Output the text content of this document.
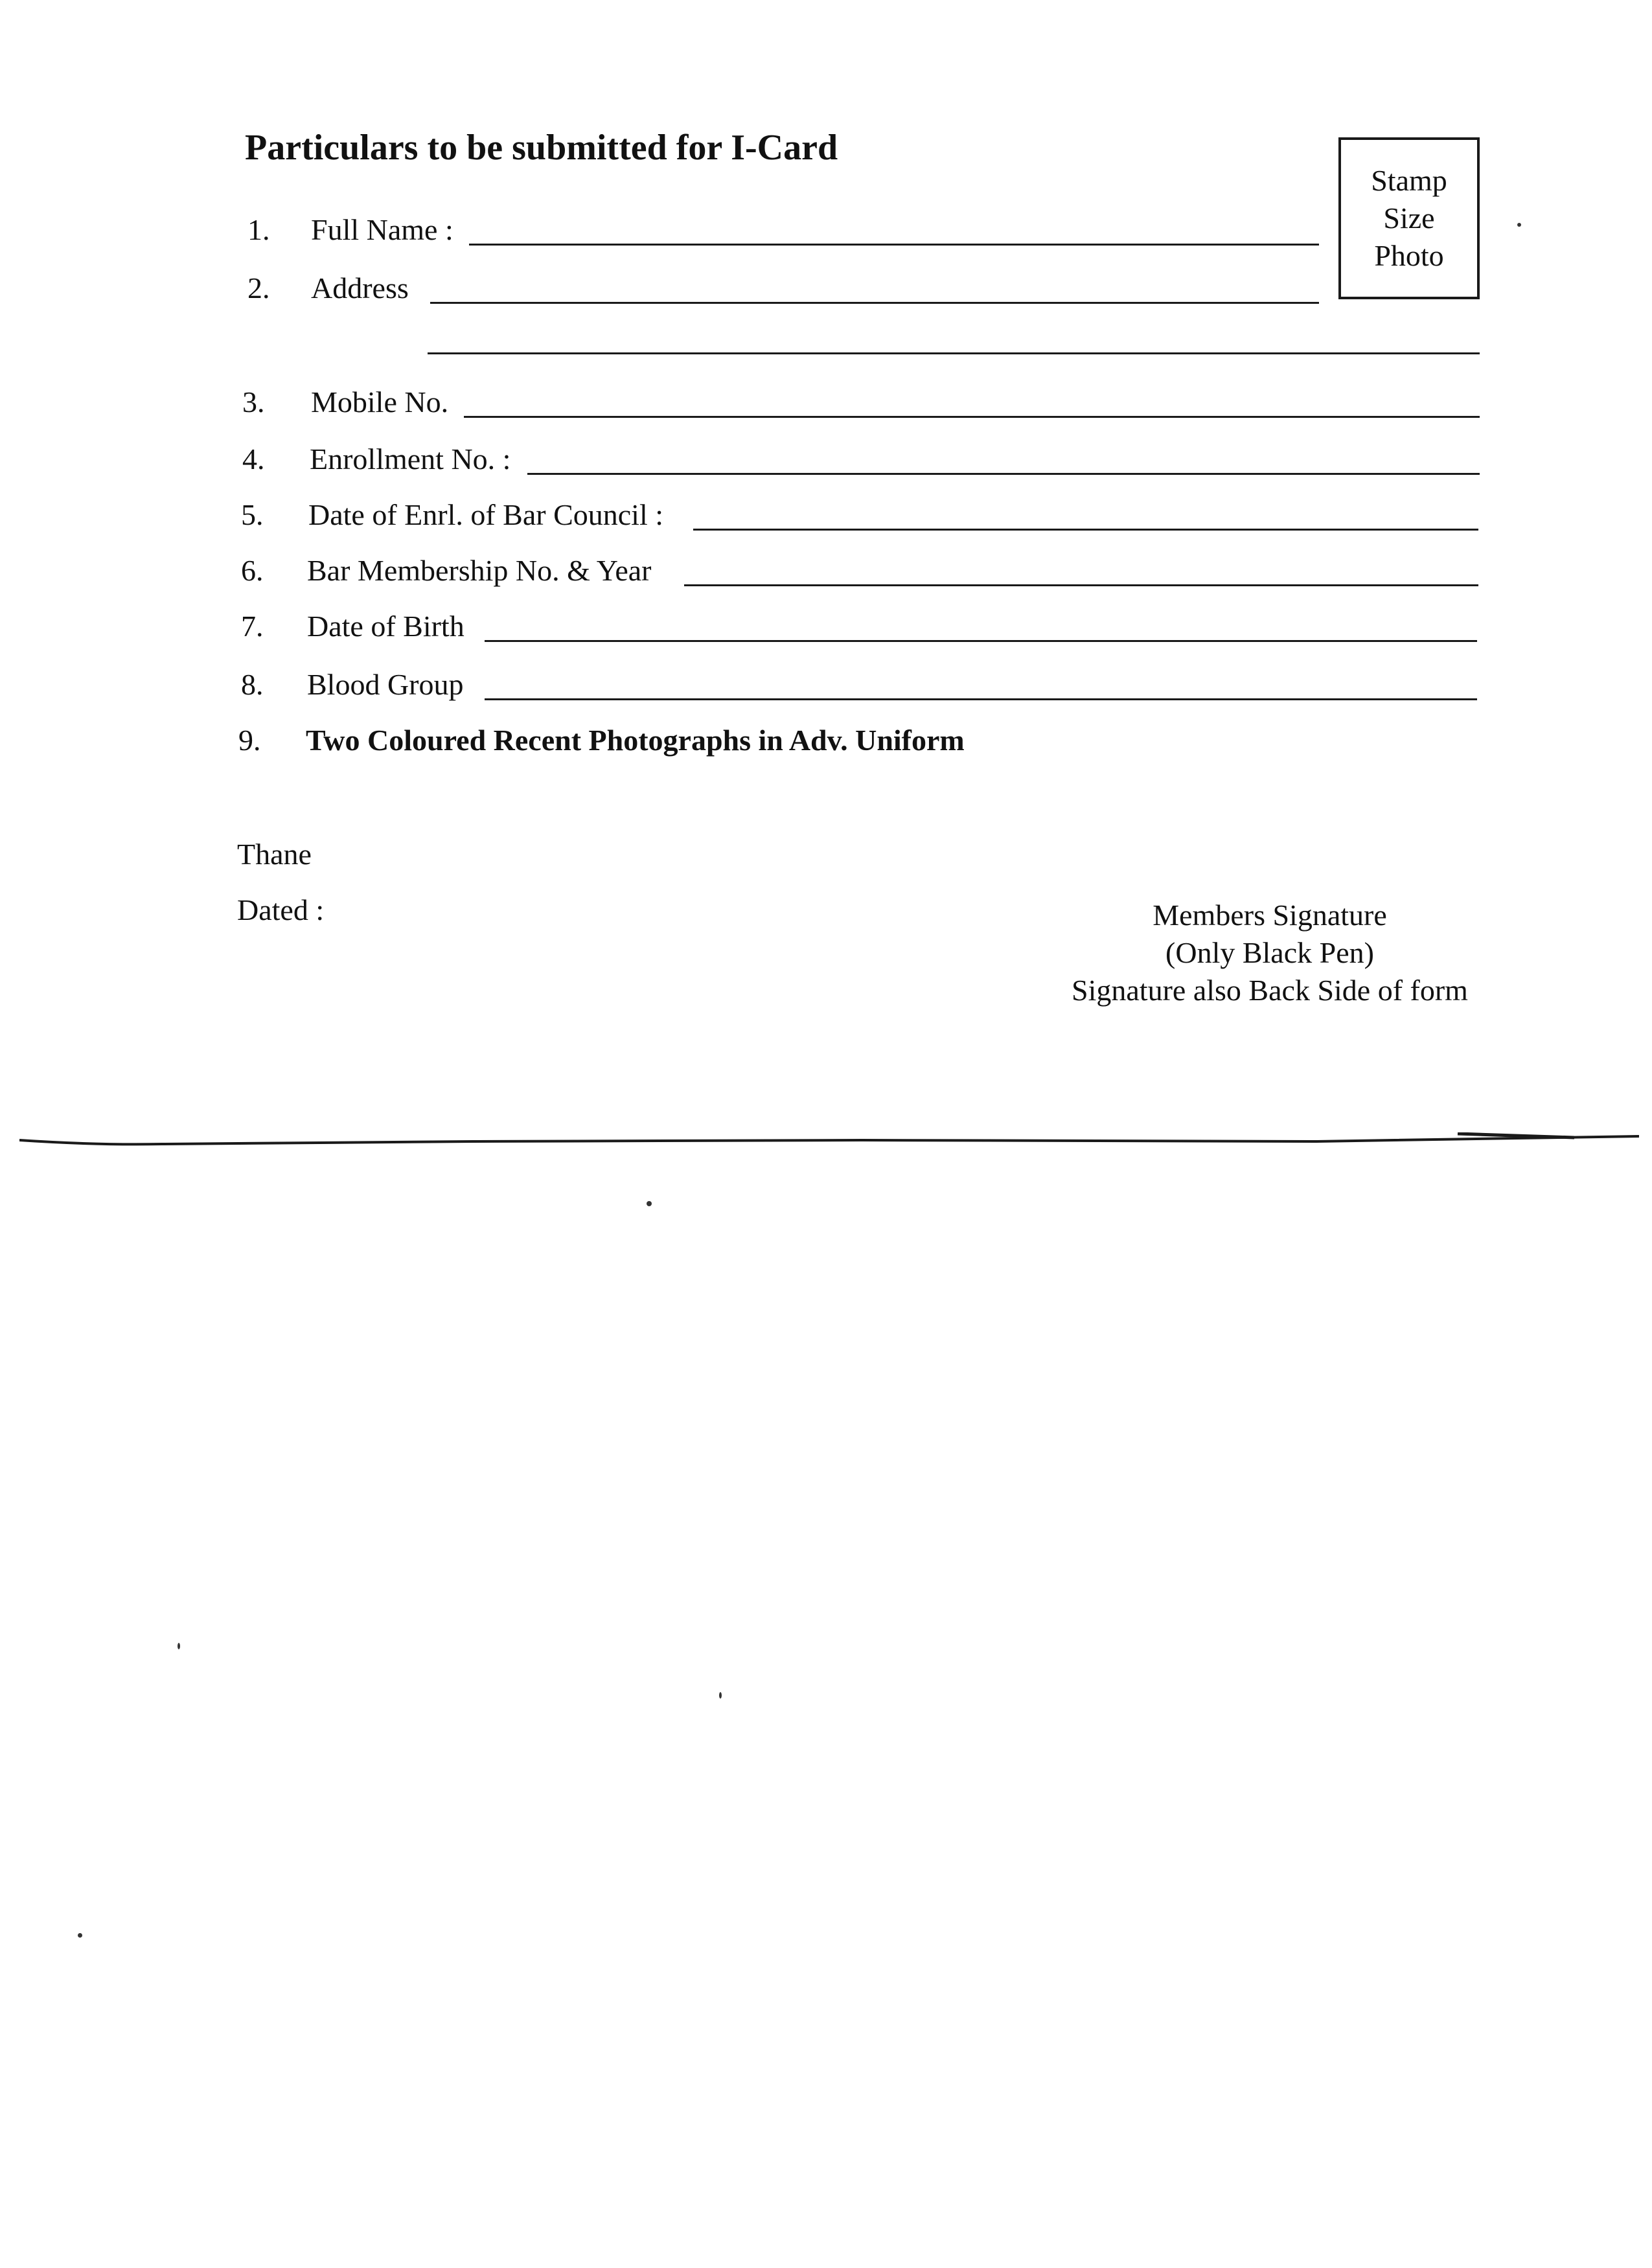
Particulars to be submitted for I-Card
Stamp
Size
Photo
1. Full Name :
2. Address
3. Mobile No.
4. Enrollment No. :
5. Date of Enrl. of Bar Council :
6. Bar Membership No. & Year
7. Date of Birth
8. Blood Group
9. Two Coloured Recent Photographs in Adv. Uniform
Thane
Dated :	Members Signature
(Only Black Pen)
Signature also Back Side of form
